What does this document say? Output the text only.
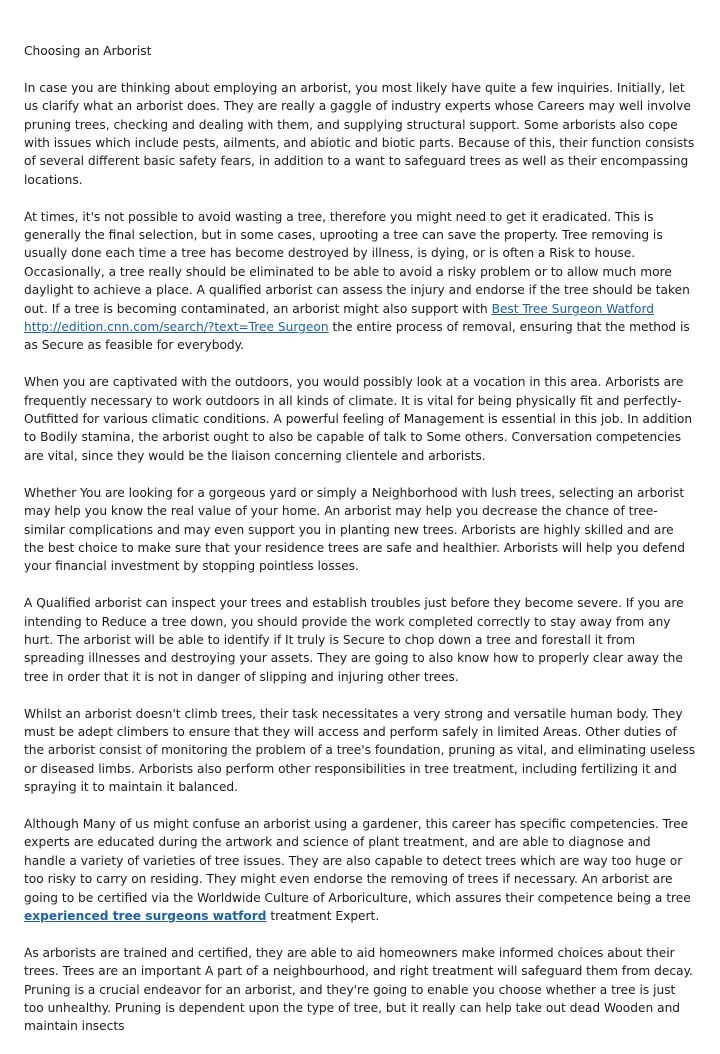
Choosing an Arborist

In case you are thinking about employing an arborist, you most likely have quite a few inquiries. Initially, let us clarify what an arborist does. They are really a gaggle of industry experts whose Careers may well involve pruning trees, checking and dealing with them, and supplying structural support. Some arborists also cope with issues which include pests, ailments, and abiotic and biotic parts. Because of this, their function consists of several different basic safety fears, in addition to a want to safeguard trees as well as their encompassing locations.

At times, it's not possible to avoid wasting a tree, therefore you might need to get it eradicated. This is generally the final selection, but in some cases, uprooting a tree can save the property. Tree removing is usually done each time a tree has become destroyed by illness, is dying, or is often a Risk to house. Occasionally, a tree really should be eliminated to be able to avoid a risky problem or to allow much more daylight to achieve a place. A qualified arborist can assess the injury and endorse if the tree should be taken out. If a tree is becoming contaminated, an arborist might also support with Best Tree Surgeon Watford http://edition.cnn.com/search/?text=Tree Surgeon the entire process of removal, ensuring that the method is as Secure as feasible for everybody.

When you are captivated with the outdoors, you would possibly look at a vocation in this area. Arborists are frequently necessary to work outdoors in all kinds of climate. It is vital for being physically fit and perfectly-Outfitted for various climatic conditions. A powerful feeling of Management is essential in this job. In addition to Bodily stamina, the arborist ought to also be capable of talk to Some others. Conversation competencies are vital, since they would be the liaison concerning clientele and arborists.

Whether You are looking for a gorgeous yard or simply a Neighborhood with lush trees, selecting an arborist may help you know the real value of your home. An arborist may help you decrease the chance of tree-similar complications and may even support you in planting new trees. Arborists are highly skilled and are the best choice to make sure that your residence trees are safe and healthier. Arborists will help you defend your financial investment by stopping pointless losses.

A Qualified arborist can inspect your trees and establish troubles just before they become severe. If you are intending to Reduce a tree down, you should provide the work completed correctly to stay away from any hurt. The arborist will be able to identify if It truly is Secure to chop down a tree and forestall it from spreading illnesses and destroying your assets. They are going to also know how to properly clear away the tree in order that it is not in danger of slipping and injuring other trees.

Whilst an arborist doesn't climb trees, their task necessitates a very strong and versatile human body. They must be adept climbers to ensure that they will access and perform safely in limited Areas. Other duties of the arborist consist of monitoring the problem of a tree's foundation, pruning as vital, and eliminating useless or diseased limbs. Arborists also perform other responsibilities in tree treatment, including fertilizing it and spraying it to maintain it balanced.

Although Many of us might confuse an arborist using a gardener, this career has specific competencies. Tree experts are educated during the artwork and science of plant treatment, and are able to diagnose and handle a variety of varieties of tree issues. They are also capable to detect trees which are way too huge or too risky to carry on residing. They might even endorse the removing of trees if necessary. An arborist are going to be certified via the Worldwide Culture of Arboriculture, which assures their competence being a tree experienced tree surgeons watford treatment Expert.

As arborists are trained and certified, they are able to aid homeowners make informed choices about their trees. Trees are an important A part of a neighbourhood, and right treatment will safeguard them from decay. Pruning is a crucial endeavor for an arborist, and they're going to enable you choose whether a tree is just too unhealthy. Pruning is dependent upon the type of tree, but it really can help take out dead Wooden and maintain insects
